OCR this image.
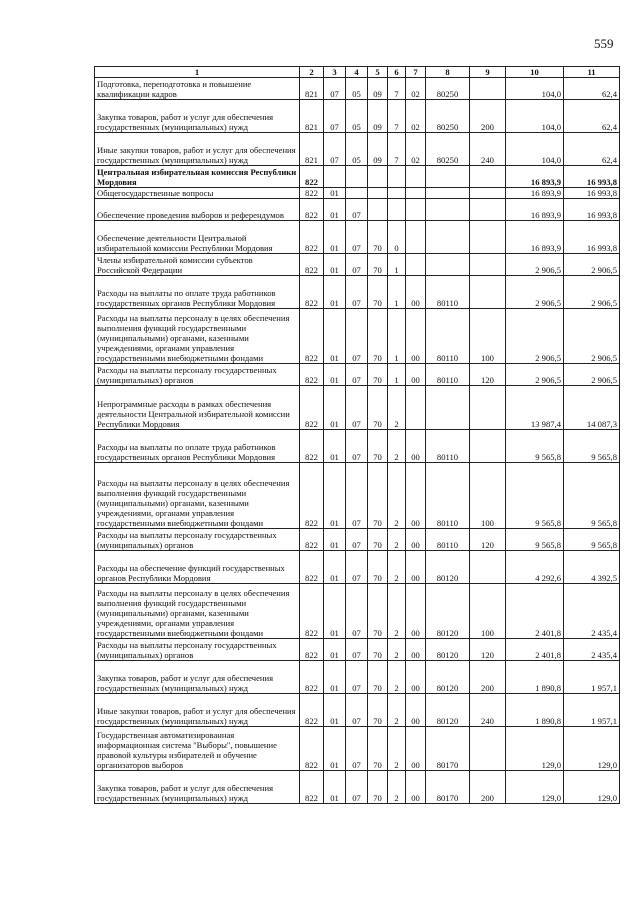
559
1	2	3	4	5	6	7	8	9	10	11
Подготовка, переподготовка и повышение квалификации кадров	821	07	05	09	7	02	80250		104,0	62,4
Закупка товаров, работ и услуг для обеспечения государственных (муниципальных) нужд	821	07	05	09	7	02	80250	200	104,0	62,4
Иные закупки товаров, работ и услуг для обеспечения государственных (муниципальных) нужд	821	07	05	09	7	02	80250	240	104,0	62,4
Центральная избирательная комиссия Республики Мордовия	822								16 893,9	16 993,8
Общегосударственные вопросы	822	01							16 893,9	16 993,8
Обеспечение проведения выборов и референдумов	822	01	07						16 893,9	16 993,8
Обеспечение деятельности Центральной избирательной комиссии Республики Мордовия	822	01	07	70	0				16 893,9	16 993,8
Члены избирательной комиссии субъектов Российской Федерации	822	01	07	70	1				2 906,5	2 906,5
Расходы на выплаты по оплате труда работников государственных органов Республики Мордовия	822	01	07	70	1	00	80110		2 906,5	2 906,5
Расходы на выплаты персоналу в целях обеспечения выполнения функций государственными (муниципальными) органами, казенными учреждениями, органами управления государственными внебюджетными фондами	822	01	07	70	1	00	80110	100	2 906,5	2 906,5
Расходы на выплаты персоналу государственных (муниципальных) органов	822	01	07	70	1	00	80110	120	2 906,5	2 906,5
Непрограммные расходы в рамках обеспечения деятельности Центральной избирательной комиссии Республики Мордовия	822	01	07	70	2				13 987,4	14 087,3
Расходы на выплаты по оплате труда работников государственных органов Республики Мордовия	822	01	07	70	2	00	80110		9 565,8	9 565,8
Расходы на выплаты персоналу в целях обеспечения выполнения функций государственными (муниципальными) органами, казенными учреждениями, органами управления государственными внебюджетными фондами	822	01	07	70	2	00	80110	100	9 565,8	9 565,8
Расходы на выплаты персоналу государственных (муниципальных) органов	822	01	07	70	2	00	80110	120	9 565,8	9 565,8
Расходы на обеспечение функций государственных органов Республики Мордовия	822	01	07	70	2	00	80120		4 292,6	4 392,5
Расходы на выплаты персоналу в целях обеспечения выполнения функций государственными (муниципальными) органами, казенными учреждениями, органами управления государственными внебюджетными фондами	822	01	07	70	2	00	80120	100	2 401,8	2 435,4
Расходы на выплаты персоналу государственных (муниципальных) органов	822	01	07	70	2	00	80120	120	2 401,8	2 435,4
Закупка товаров, работ и услуг для обеспечения государственных (муниципальных) нужд	822	01	07	70	2	00	80120	200	1 890,8	1 957,1
Иные закупки товаров, работ и услуг для обеспечения государственных (муниципальных) нужд	822	01	07	70	2	00	80120	240	1 890,8	1 957,1
Государственная автоматизированная информационная система "Выборы", повышение правовой культуры избирателей и обучение организаторов выборов	822	01	07	70	2	00	80170		129,0	129,0
Закупка товаров, работ и услуг для обеспечения государственных (муниципальных) нужд	822	01	07	70	2	00	80170	200	129,0	129,0
